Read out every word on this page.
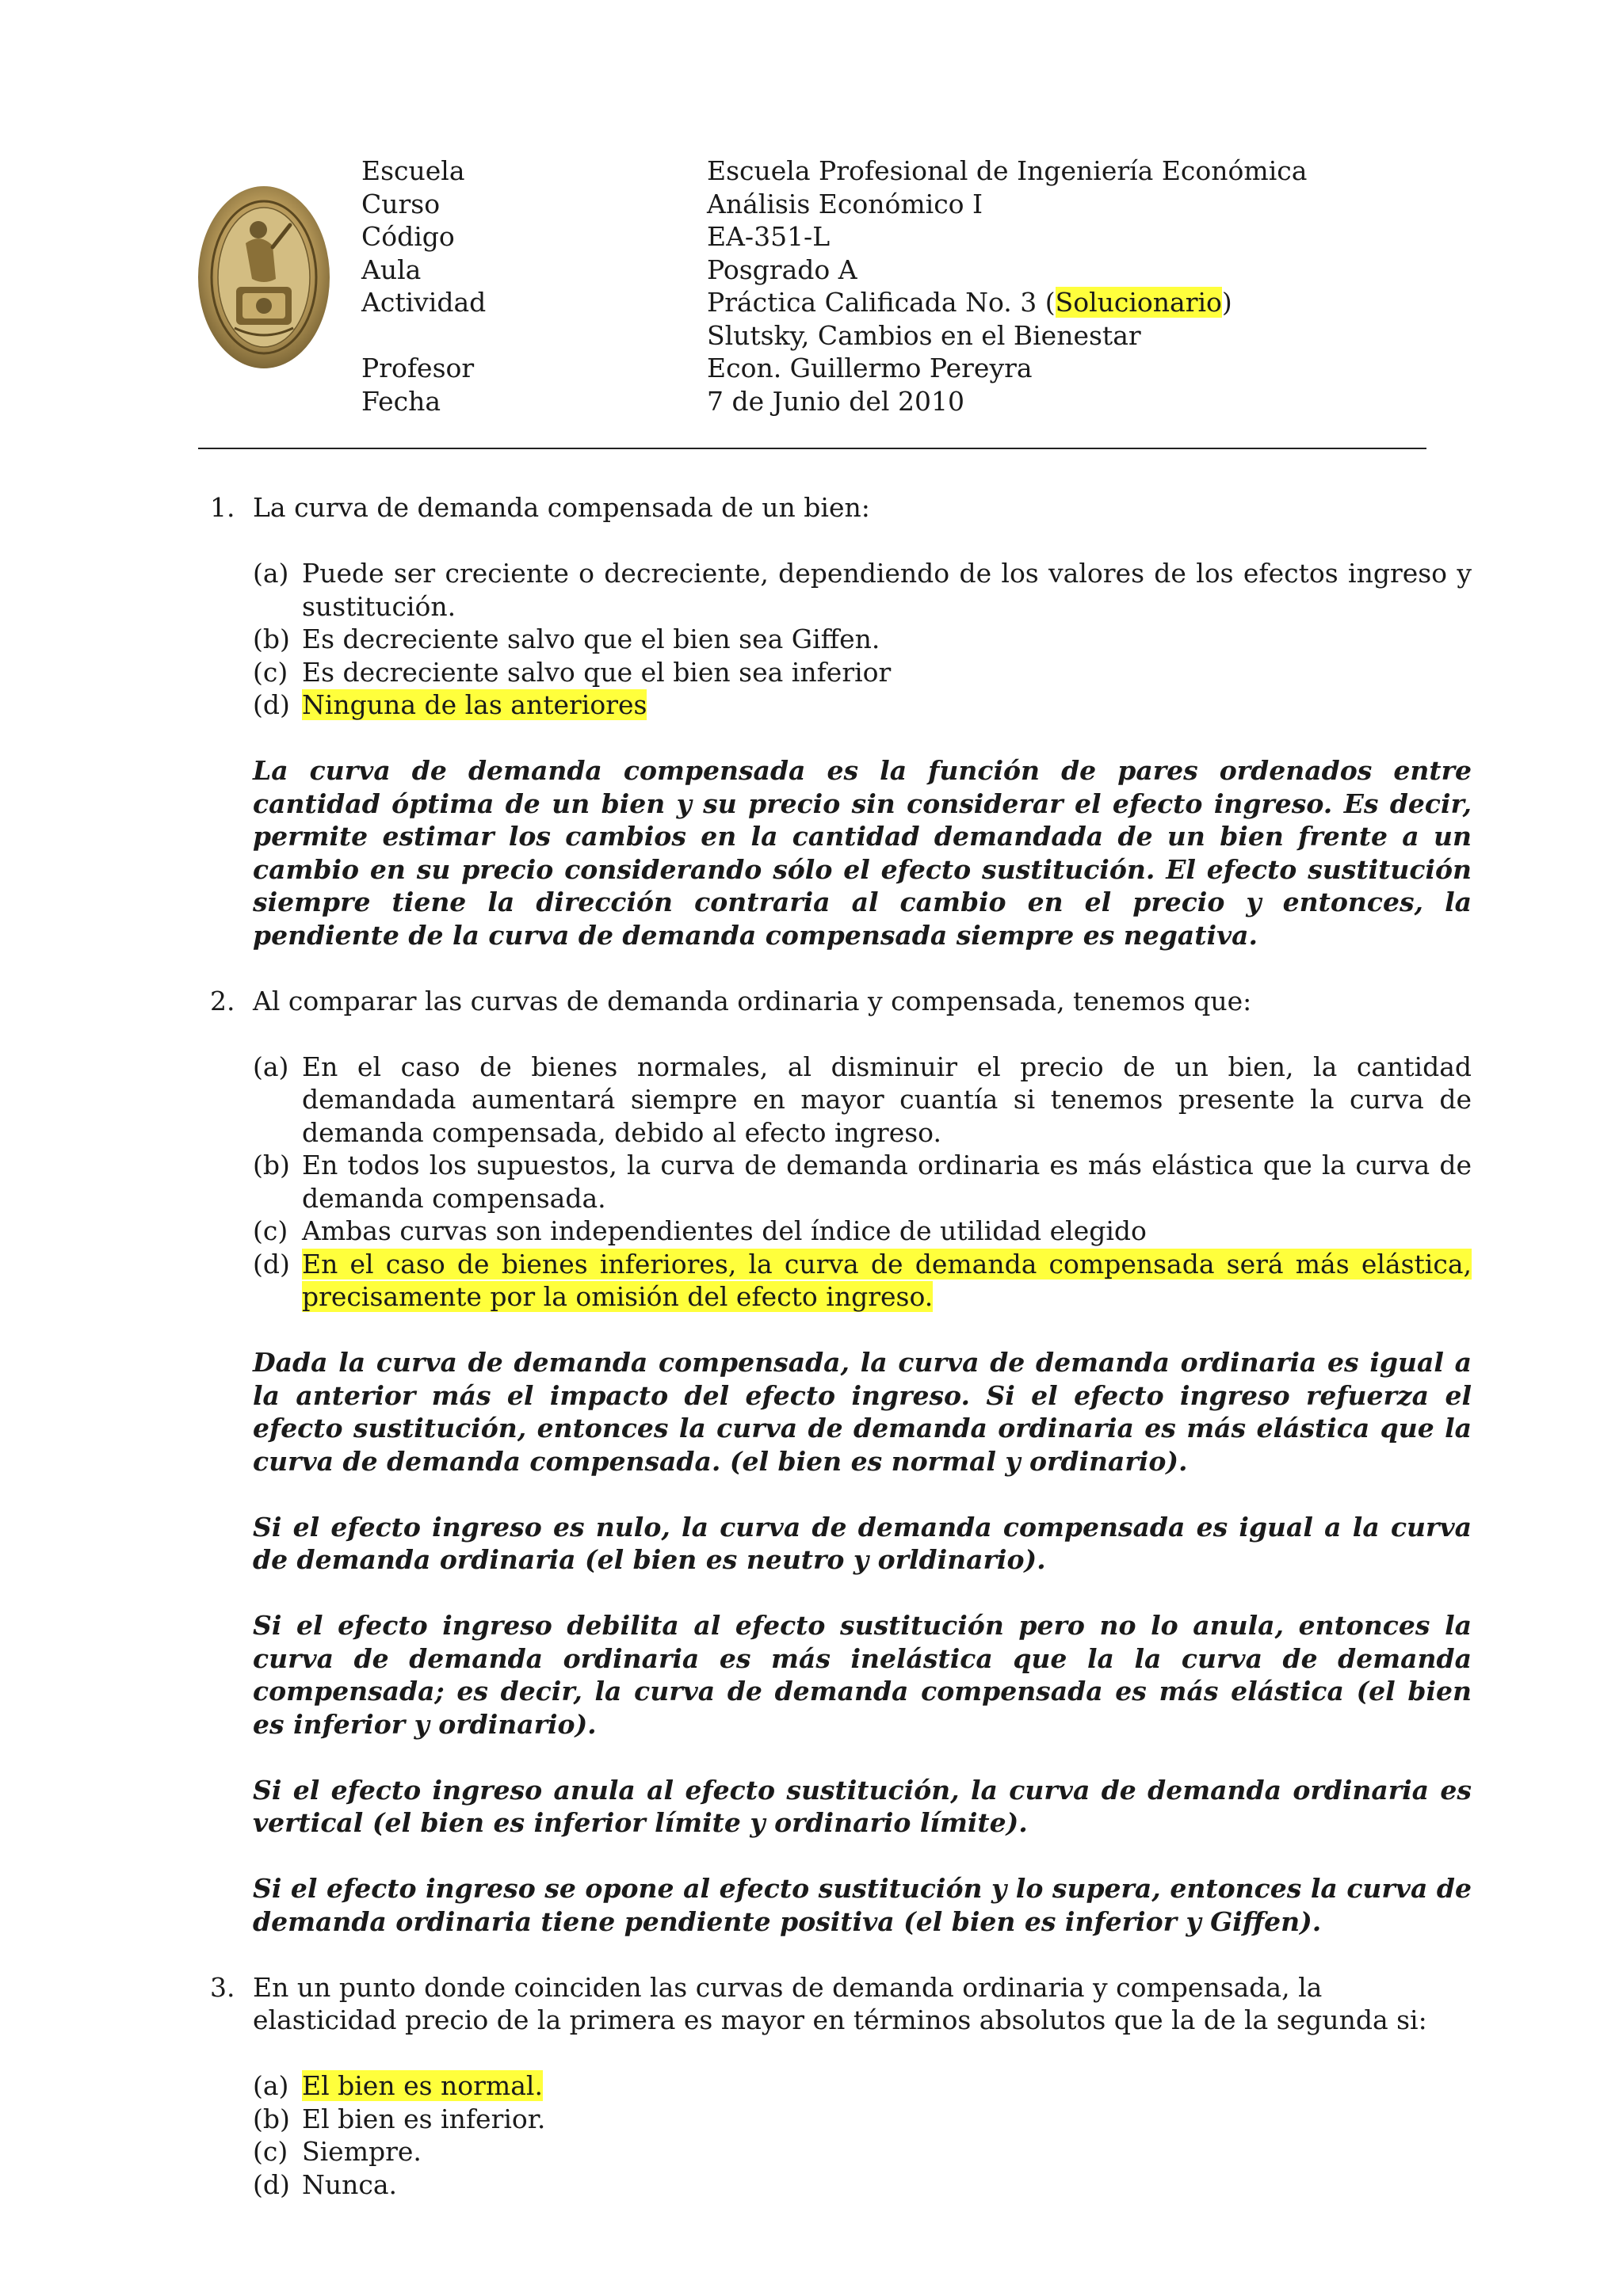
Escuela	Escuela Profesional de Ingeniería Económica
Curso	Análisis Económico I
Código	EA-351-L
Aula	Posgrado A
Actividad	Práctica Calificada No. 3 (Solucionario)
Slutsky, Cambios en el Bienestar
Profesor	Econ. Guillermo Pereyra
Fecha	7 de Junio del 2010
1. La curva de demanda compensada de un bien:
(a) Puede ser creciente o decreciente, dependiendo de los valores de los efectos ingreso y sustitución.
(b) Es decreciente salvo que el bien sea Giffen.
(c) Es decreciente salvo que el bien sea inferior
(d) Ninguna de las anteriores
La curva de demanda compensada es la función de pares ordenados entre cantidad óptima de un bien y su precio sin considerar el efecto ingreso. Es decir, permite estimar los cambios en la cantidad demandada de un bien frente a un cambio en su precio considerando sólo el efecto sustitución. El efecto sustitución siempre tiene la dirección contraria al cambio en el precio y entonces, la pendiente de la curva de demanda compensada siempre es negativa.
2. Al comparar las curvas de demanda ordinaria y compensada, tenemos que:
(a) En el caso de bienes normales, al disminuir el precio de un bien, la cantidad demandada aumentará siempre en mayor cuantía si tenemos presente la curva de demanda compensada, debido al efecto ingreso.
(b) En todos los supuestos, la curva de demanda ordinaria es más elástica que la curva de demanda compensada.
(c) Ambas curvas son independientes del índice de utilidad elegido
(d) En el caso de bienes inferiores, la curva de demanda compensada será más elástica, precisamente por la omisión del efecto ingreso.
Dada la curva de demanda compensada, la curva de demanda ordinaria es igual a la anterior más el impacto del efecto ingreso. Si el efecto ingreso refuerza el efecto sustitución, entonces la curva de demanda ordinaria es más elástica que la curva de demanda compensada. (el bien es normal y ordinario).
Si el efecto ingreso es nulo, la curva de demanda compensada es igual a la curva de demanda ordinaria (el bien es neutro y orldinario).
Si el efecto ingreso debilita al efecto sustitución pero no lo anula, entonces la curva de demanda ordinaria es más inelástica que la la curva de demanda compensada; es decir, la curva de demanda compensada es más elástica (el bien es inferior y ordinario).
Si el efecto ingreso anula al efecto sustitución, la curva de demanda ordinaria es vertical (el bien es inferior límite y ordinario límite).
Si el efecto ingreso se opone al efecto sustitución y lo supera, entonces la curva de demanda ordinaria tiene pendiente positiva (el bien es inferior y Giffen).
3. En un punto donde coinciden las curvas de demanda ordinaria y compensada, la elasticidad precio de la primera es mayor en términos absolutos que la de la segunda si:
(a) El bien es normal.
(b) El bien es inferior.
(c) Siempre.
(d) Nunca.
